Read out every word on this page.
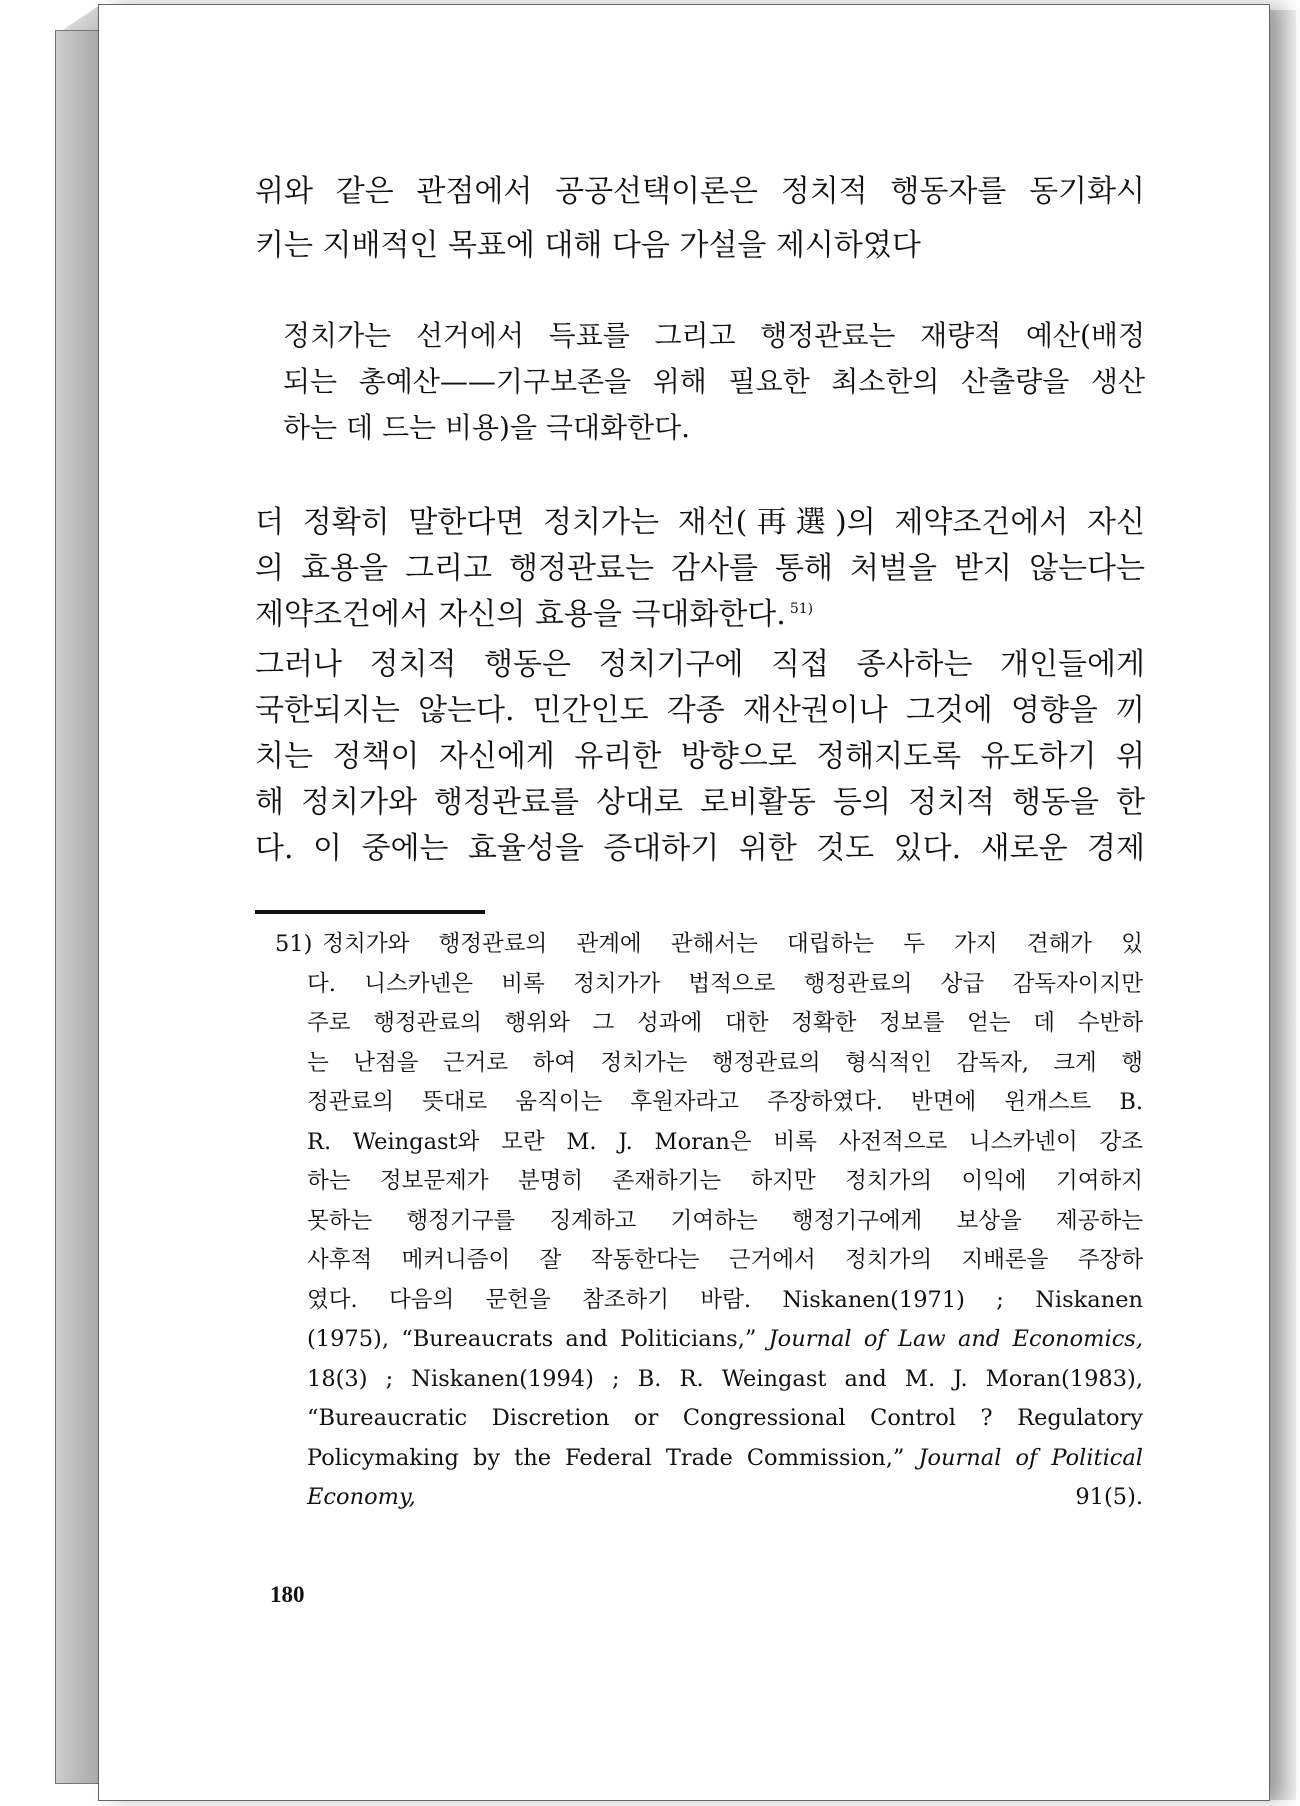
위와 같은 관점에서 공공선택이론은 정치적 행동자를 동기화시
키는 지배적인 목표에 대해 다음 가설을 제시하였다

정치가는 선거에서 득표를 그리고 행정관료는 재량적 예산(배정
되는 총예산——기구보존을 위해 필요한 최소한의 산출량을 생산
하는 데 드는 비용)을 극대화한다.

더 정확히 말한다면 정치가는 재선(再選)의 제약조건에서 자신
의 효용을 그리고 행정관료는 감사를 통해 처벌을 받지 않는다는
제약조건에서 자신의 효용을 극대화한다. $^{51)}$
그러나 정치적 행동은 정치기구에 직접 종사하는 개인들에게
국한되지는 않는다. 민간인도 각종 재산권이나 그것에 영향을 끼
치는 정책이 자신에게 유리한 방향으로 정해지도록 유도하기 위
해 정치가와 행정관료를 상대로 로비활동 등의 정치적 행동을 한
다. 이 중에는 효율성을 증대하기 위한 것도 있다. 새로운 경제
51) 정치가와 행정관료의 관계에 관해서는 대립하는 두 가지 견해가 있
다. 니스카넨은 비록 정치가가 법적으로 행정관료의 상급 감독자이지만
주로 행정관료의 행위와 그 성과에 대한 정확한 정보를 얻는 데 수반하
는 난점을 근거로 하여 정치가는 행정관료의 형식적인 감독자, 크게 행
정관료의 뜻대로 움직이는 후원자라고 주장하였다. 반면에 윈개스트 B.
R. Weingast와 모란 M. J. Moran은 비록 사전적으로 니스카넨이 강조
하는 정보문제가 분명히 존재하기는 하지만 정치가의 이익에 기여하지
못하는 행정기구를 징계하고 기여하는 행정기구에게 보상을 제공하는
사후적 메커니즘이 잘 작동한다는 근거에서 정치가의 지배론을 주장하
였다. 다음의 문헌을 참조하기 바람. Niskanen(1971) ; Niskanen
(1975), “Bureaucrats and Politicians,” Journal of Law and Economics,
18(3) ; Niskanen(1994) ; B. R. Weingast and M. J. Moran(1983),
“Bureaucratic Discretion or Congressional Control ? Regulatory
Policymaking by the Federal Trade Commission,” Journal of Political
Economy, 91(5).
180
